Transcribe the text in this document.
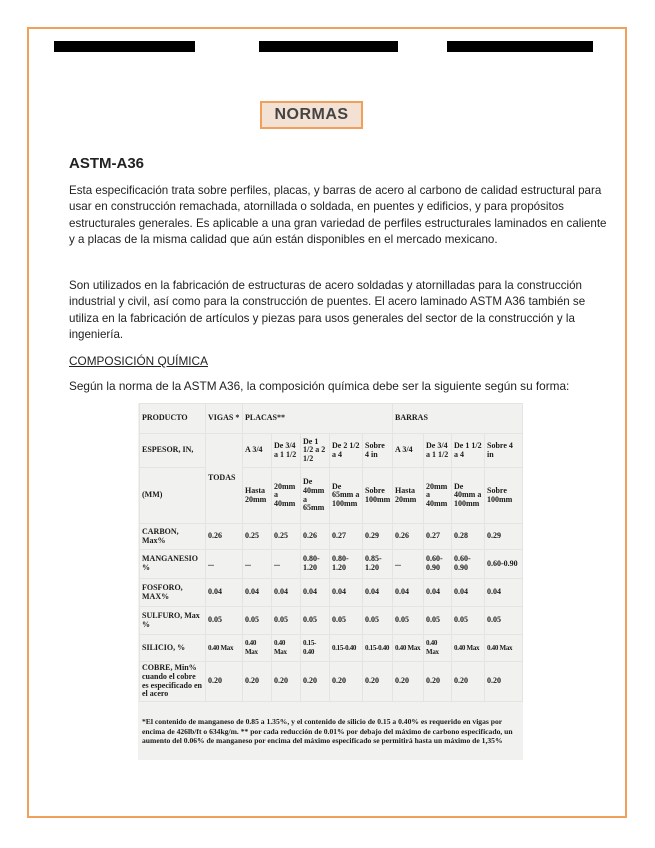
NORMAS
ASTM-A36
Esta especificación trata sobre perfiles, placas, y barras de acero al carbono de calidad estructural para usar en construcción remachada, atornillada o soldada, en puentes y edificios, y para propósitos estructurales generales. Es aplicable a una gran variedad de perfiles estructurales laminados en caliente y a placas de la misma calidad que aún están disponibles en el mercado mexicano.
Son utilizados en la fabricación de estructuras de acero soldadas y atornilladas para la construcción industrial y civil, así como para la construcción de puentes. El acero laminado ASTM A36 también se utiliza en la fabricación de artículos y piezas para usos generales del sector de la construcción y la ingeniería.
COMPOSICIÓN QUÍMICA
Según la norma de la ASTM A36, la composición química debe ser la siguiente según su forma:
PRODUCTO	VIGAS *	PLACAS**					BARRAS			
ESPESOR, IN,	TODAS	A 3/4	De 3/4 a 1 1/2	De 1 1/2 a 2 1/2	De 2 1/2 a 4	Sobre 4 in	A 3/4	De 3/4 a 1 1/2	De 1 1/2 a 4	Sobre 4 in
(MM)		Hasta 20mm	20mm a 40mm	De 40mm a 65mm	De 65mm a 100mm	Sobre 100mm	Hasta 20mm	20mm a 40mm	De 40mm a 100mm	Sobre 100mm
CARBON, Max%	0.26	0.25	0.25	0.26	0.27	0.29	0.26	0.27	0.28	0.29
MANGANESIO %	...	...	...	0.80-1.20	0.80-1.20	0.85-1.20	...	0.60-0.90	0.60-0.90	0.60-0.90
FOSFORO, MAX%	0.04	0.04	0.04	0.04	0.04	0.04	0.04	0.04	0.04	0.04
SULFURO, Max %	0.05	0.05	0.05	0.05	0.05	0.05	0.05	0.05	0.05	0.05
SILICIO, %	0.40 Max	0.40 Max	0.40 Max	0.15-0.40	0.15-0.40	0.15-0.40	0.40 Max	0.40 Max	0.40 Max	0.40 Max
COBRE, Min% cuando el cobre es especificado en el acero	0.20	0.20	0.20	0.20	0.20	0.20	0.20	0.20	0.20	0.20
*El contenido de manganeso de 0.85 a 1.35%, y el contenido de silicio de 0.15 a 0.40% es requerido en vigas por encima de 426lb/ft o 634kg/m. ** por cada reducción de 0.01% por debajo del máximo de carbono especificado, un aumento del 0.06% de manganeso por encima del máximo especificado se permitirá hasta un máximo de 1,35%
